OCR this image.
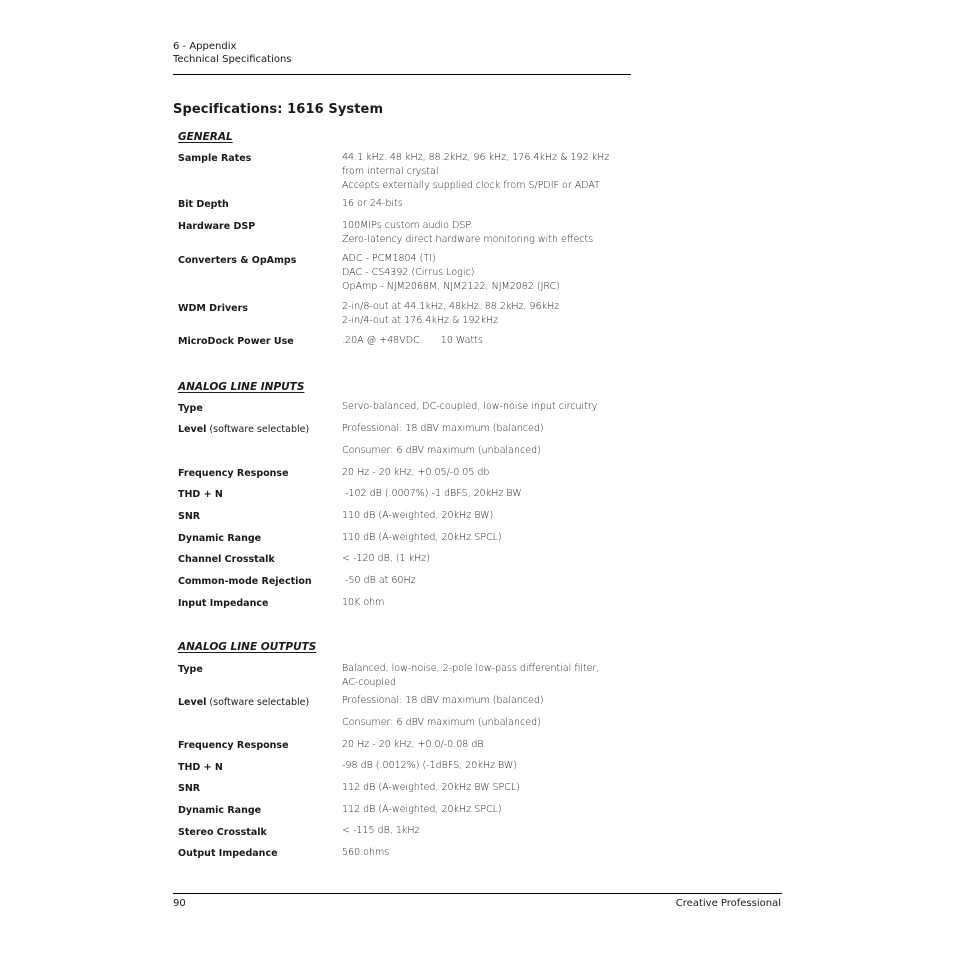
6 - Appendix
Technical Specifications
Specifications: 1616 System
GENERAL
Sample Rates	44.1 kHz. 48 kHz, 88.2kHz, 96 kHz, 176.4kHz & 192 kHz
from internal crystal.
Accepts externally supplied clock from S/PDIF or ADAT
Bit Depth	16 or 24-bits
Hardware DSP	100MIPs custom audio DSP.
Zero-latency direct hardware monitoring with effects
Converters & OpAmps	ADC - PCM1804 (TI)
DAC - CS4392 (Cirrus Logic)
OpAmp - NJM2068M, NJM2122, NJM2082 (JRC)
WDM Drivers	2-in/8-out at 44.1kHz, 48kHz, 88.2kHz, 96kHz
2-in/4-out at 176.4kHz & 192kHz
MicroDock Power Use	.20A @ +48VDC       10 Watts
ANALOG LINE INPUTS
Type	Servo-balanced, DC-coupled, low-noise input circuitry
Level (software selectable)	Professional: 18 dBV maximum (balanced)
Consumer: 6 dBV maximum (unbalanced)
Frequency Response	20 Hz - 20 kHz, +0.05/-0.05 db
THD + N	-102 dB (.0007%) -1 dBFS, 20kHz BW
SNR	110 dB (A-weighted, 20kHz BW)
Dynamic Range	110 dB (A-weighted, 20kHz SPCL)
Channel Crosstalk	< -120 dB, (1 kHz)
Common-mode Rejection	-50 dB at 60Hz
Input Impedance	10K ohm
ANALOG LINE OUTPUTS
Type	Balanced, low-noise, 2-pole low-pass differential filter,
AC-coupled
Level (software selectable)	Professional: 18 dBV maximum (balanced)
Consumer: 6 dBV maximum (unbalanced)
Frequency Response	20 Hz - 20 kHz, +0.0/-0.08 dB
THD + N	-98 dB (.0012%) (-1dBFS, 20kHz BW)
SNR	112 dB (A-weighted, 20kHz BW SPCL)
Dynamic Range	112 dB (A-weighted, 20kHz SPCL)
Stereo Crosstalk	< -115 dB, 1kHz
Output Impedance	560 ohms
90	Creative Professional
